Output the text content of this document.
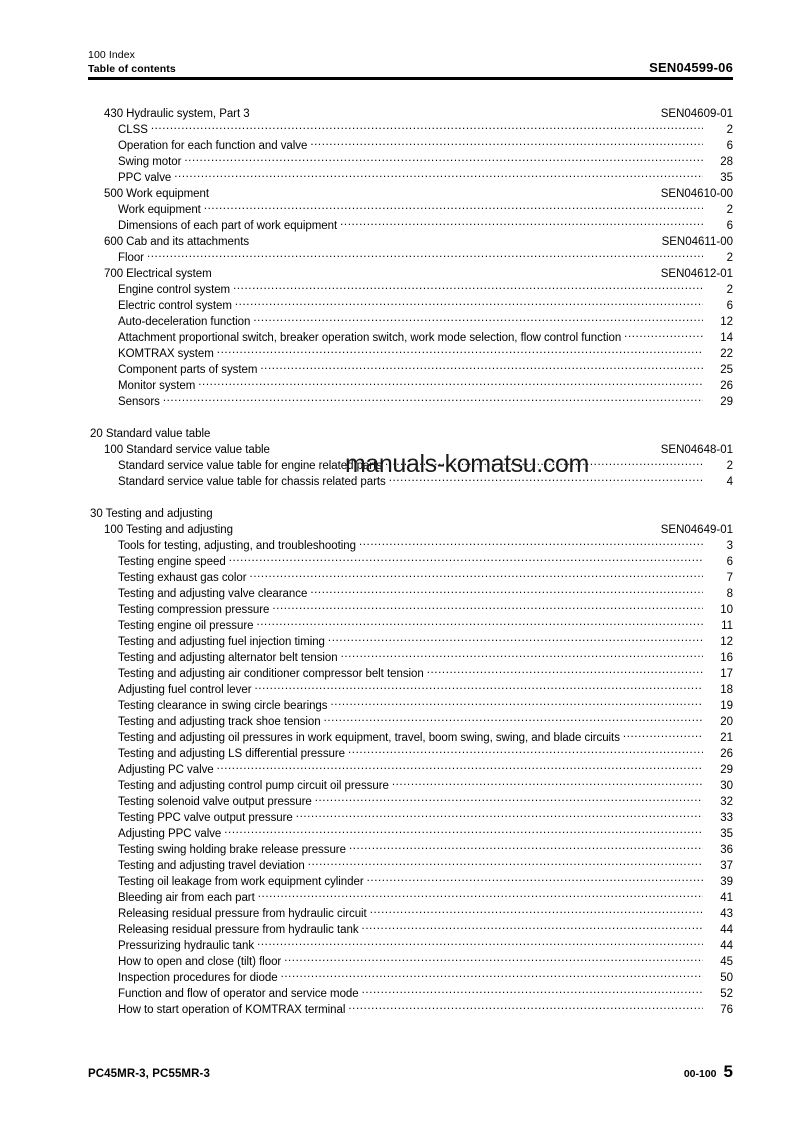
100 Index
Table of contents	SEN04599-06
430 Hydraulic system, Part 3	SEN04609-01
CLSS .....	2
Operation for each function and valve .....	6
Swing motor .....	28
PPC valve .....	35
500 Work equipment	SEN04610-00
Work equipment .....	2
Dimensions of each part of work equipment .....	6
600 Cab and its attachments	SEN04611-00
Floor .....	2
700 Electrical system	SEN04612-01
Engine control system .....	2
Electric control system .....	6
Auto-deceleration function .....	12
Attachment proportional switch, breaker operation switch, work mode selection, flow control function .....	14
KOMTRAX system .....	22
Component parts of system .....	25
Monitor system .....	26
Sensors .....	29
20 Standard value table
100 Standard service value table	SEN04648-01
Standard service value table for engine related parts .....	2
Standard service value table for chassis related parts .....	4
30 Testing and adjusting
100 Testing and adjusting	SEN04649-01
Tools for testing, adjusting, and troubleshooting .....	3
Testing engine speed .....	6
Testing exhaust gas color .....	7
Testing and adjusting valve clearance .....	8
Testing compression pressure .....	10
Testing engine oil pressure .....	11
Testing and adjusting fuel injection timing .....	12
Testing and adjusting alternator belt tension .....	16
Testing and adjusting air conditioner compressor belt tension .....	17
Adjusting fuel control lever .....	18
Testing clearance in swing circle bearings .....	19
Testing and adjusting track shoe tension .....	20
Testing and adjusting oil pressures in work equipment, travel, boom swing, swing, and blade circuits .....	21
Testing and adjusting LS differential pressure .....	26
Adjusting PC valve .....	29
Testing and adjusting control pump circuit oil pressure .....	30
Testing solenoid valve output pressure .....	32
Testing PPC valve output pressure .....	33
Adjusting PPC valve .....	35
Testing swing holding brake release pressure .....	36
Testing and adjusting travel deviation .....	37
Testing oil leakage from work equipment cylinder .....	39
Bleeding air from each part .....	41
Releasing residual pressure from hydraulic circuit .....	43
Releasing residual pressure from hydraulic tank .....	44
Pressurizing hydraulic tank .....	44
How to open and close (tilt) floor .....	45
Inspection procedures for diode .....	50
Function and flow of operator and service mode .....	52
How to start operation of KOMTRAX terminal .....	76
manuals-komatsu.com
PC45MR-3, PC55MR-3	00-100 5
